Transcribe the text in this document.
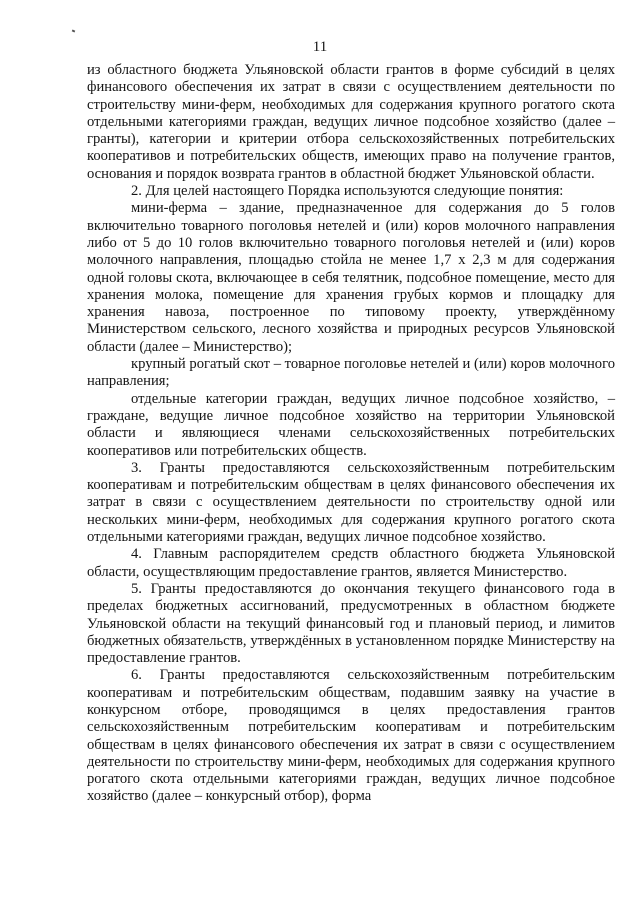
11

из областного бюджета Ульяновской области грантов в форме субсидий в целях финансового обеспечения их затрат в связи с осуществлением деятельности по строительству мини-ферм, необходимых для содержания крупного рогатого скота отдельными категориями граждан, ведущих личное подсобное хозяйство (далее – гранты), категории и критерии отбора сельскохозяйственных потребительских кооперативов и потребительских обществ, имеющих право на получение грантов, основания и порядок возврата грантов в областной бюджет Ульяновской области.

2. Для целей настоящего Порядка используются следующие понятия:

мини-ферма – здание, предназначенное для содержания до 5 голов включительно товарного поголовья нетелей и (или) коров молочного направления либо от 5 до 10 голов включительно товарного поголовья нетелей и (или) коров молочного направления, площадью стойла не менее 1,7 х 2,3 м для содержания одной головы скота, включающее в себя телятник, подсобное помещение, место для хранения молока, помещение для хранения грубых кормов и площадку для хранения навоза, построенное по типовому проекту, утверждённому Министерством сельского, лесного хозяйства и природных ресурсов Ульяновской области (далее – Министерство);

крупный рогатый скот – товарное поголовье нетелей и (или) коров молочного направления;

отдельные категории граждан, ведущих личное подсобное хозяйство, – граждане, ведущие личное подсобное хозяйство на территории Ульяновской области и являющиеся членами сельскохозяйственных потребительских кооперативов или потребительских обществ.

3. Гранты предоставляются сельскохозяйственным потребительским кооперативам и потребительским обществам в целях финансового обеспечения их затрат в связи с осуществлением деятельности по строительству одной или нескольких мини-ферм, необходимых для содержания крупного рогатого скота отдельными категориями граждан, ведущих личное подсобное хозяйство.

4. Главным распорядителем средств областного бюджета Ульяновской области, осуществляющим предоставление грантов, является Министерство.

5. Гранты предоставляются до окончания текущего финансового года в пределах бюджетных ассигнований, предусмотренных в областном бюджете Ульяновской области на текущий финансовый год и плановый период, и лимитов бюджетных обязательств, утверждённых в установленном порядке Министерству на предоставление грантов.

6. Гранты предоставляются сельскохозяйственным потребительским кооперативам и потребительским обществам, подавшим заявку на участие в конкурсном отборе, проводящимся в целях предоставления грантов сельскохозяйственным потребительским кооперативам и потребительским обществам в целях финансового обеспечения их затрат в связи с осуществлением деятельности по строительству мини-ферм, необходимых для содержания крупного рогатого скота отдельными категориями граждан, ведущих личное подсобное хозяйство (далее – конкурсный отбор), форма
